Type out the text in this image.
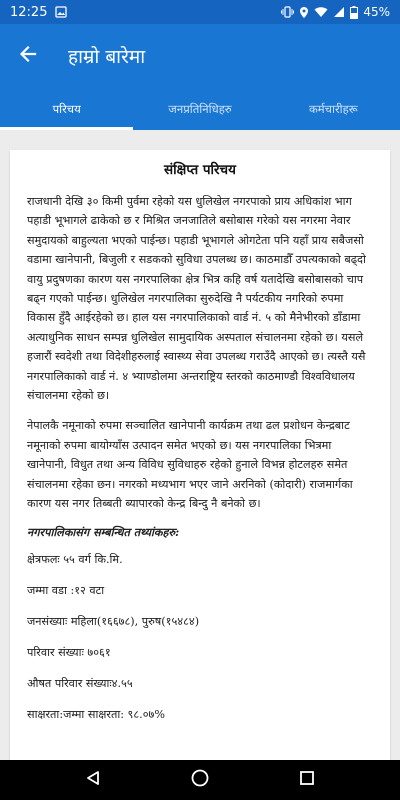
12:25	45%
हाम्रो बारेमा
परिचय	जनप्रतिनिधिहरु	कर्मचारीहरू
संक्षिप्त परिचय

राजधानी देखि ३० किमी पुर्वमा रहेको यस धुलिखेल नगरपाको प्राय अधिकांश भाग पहाडी भूभागले ढाकेको छ र मिश्रित जनजातिले बसोबास गरेको यस नगरमा नेवार समुदायको बाहुल्यता भएको पाईन्छ। पहाडी भूभागले ओगटेता पनि यहाँ प्राय सबैजसो वडामा खानेपानी, बिजुली र सडकको सुविधा उपलब्ध छ। काठमाडौँ उपत्यकाको बढ्दो वायु प्रदुषणका कारण यस नगरपालिका क्षेत्र भित्र कहि वर्ष यतादेखि बसोबासको चाप बढ्न गएको पाईन्छ। धुलिखेल नगरपालिका सुरुदेखि नै पर्यटकीय नगरिको रुपमा विकास हुँदै आईरहेको छ। हाल यस नगरपालिकाको वार्ड नं. ५ को मैनेभीरको डाँडामा अत्याधुनिक साधन सम्पन्न धुलिखेल सामुदायिक अस्पताल संचालनमा रहेको छ। यसले हजारौं स्वदेशी तथा विदेशीहरुलाई स्वास्थ्य सेवा उपलब्ध गराउँदै आएको छ। त्यस्तै यसै नगरपालिकाको वार्ड नं. ४ भ्याण्डोलमा अन्तराष्ट्रिय स्तरको काठमाण्डौ विश्वविधालय संचालनमा रहेको छ।

नेपालकै नमूनाको रुपमा सञ्चालित खानेपानी कार्यक्रम तथा ढल प्रशोधन केन्द्रबाट नमूनाको रुपमा बायोग्याँस उत्पादन समेत भएको छ। यस नगरपालिका भित्रमा खानेपानी, विधुत तथा अन्य विविध सुविधाहरु रहेको हुनाले विभन्न होटलहरु समेत संचालनमा रहेका छन। नगरको मध्यभाग भएर जाने अरनिको (कोदारी) राजमार्गका कारण यस नगर तिब्बती ब्यापारको केन्द्र बिन्दु नै बनेको छ।

नगरपालिकासंग सम्बन्धित तथ्यांकहरु:
क्षेत्रफलः ५५ वर्ग कि.मि.
जम्मा वडा :१२ वटा
जनसंख्याः महिला(१६६७८), पुरुष(१५४८४)
परिवार संख्याः ७०६१
औषत परिवार संख्याः४.५५
साक्षरता:जम्मा साक्षरता: ९८.०७%
